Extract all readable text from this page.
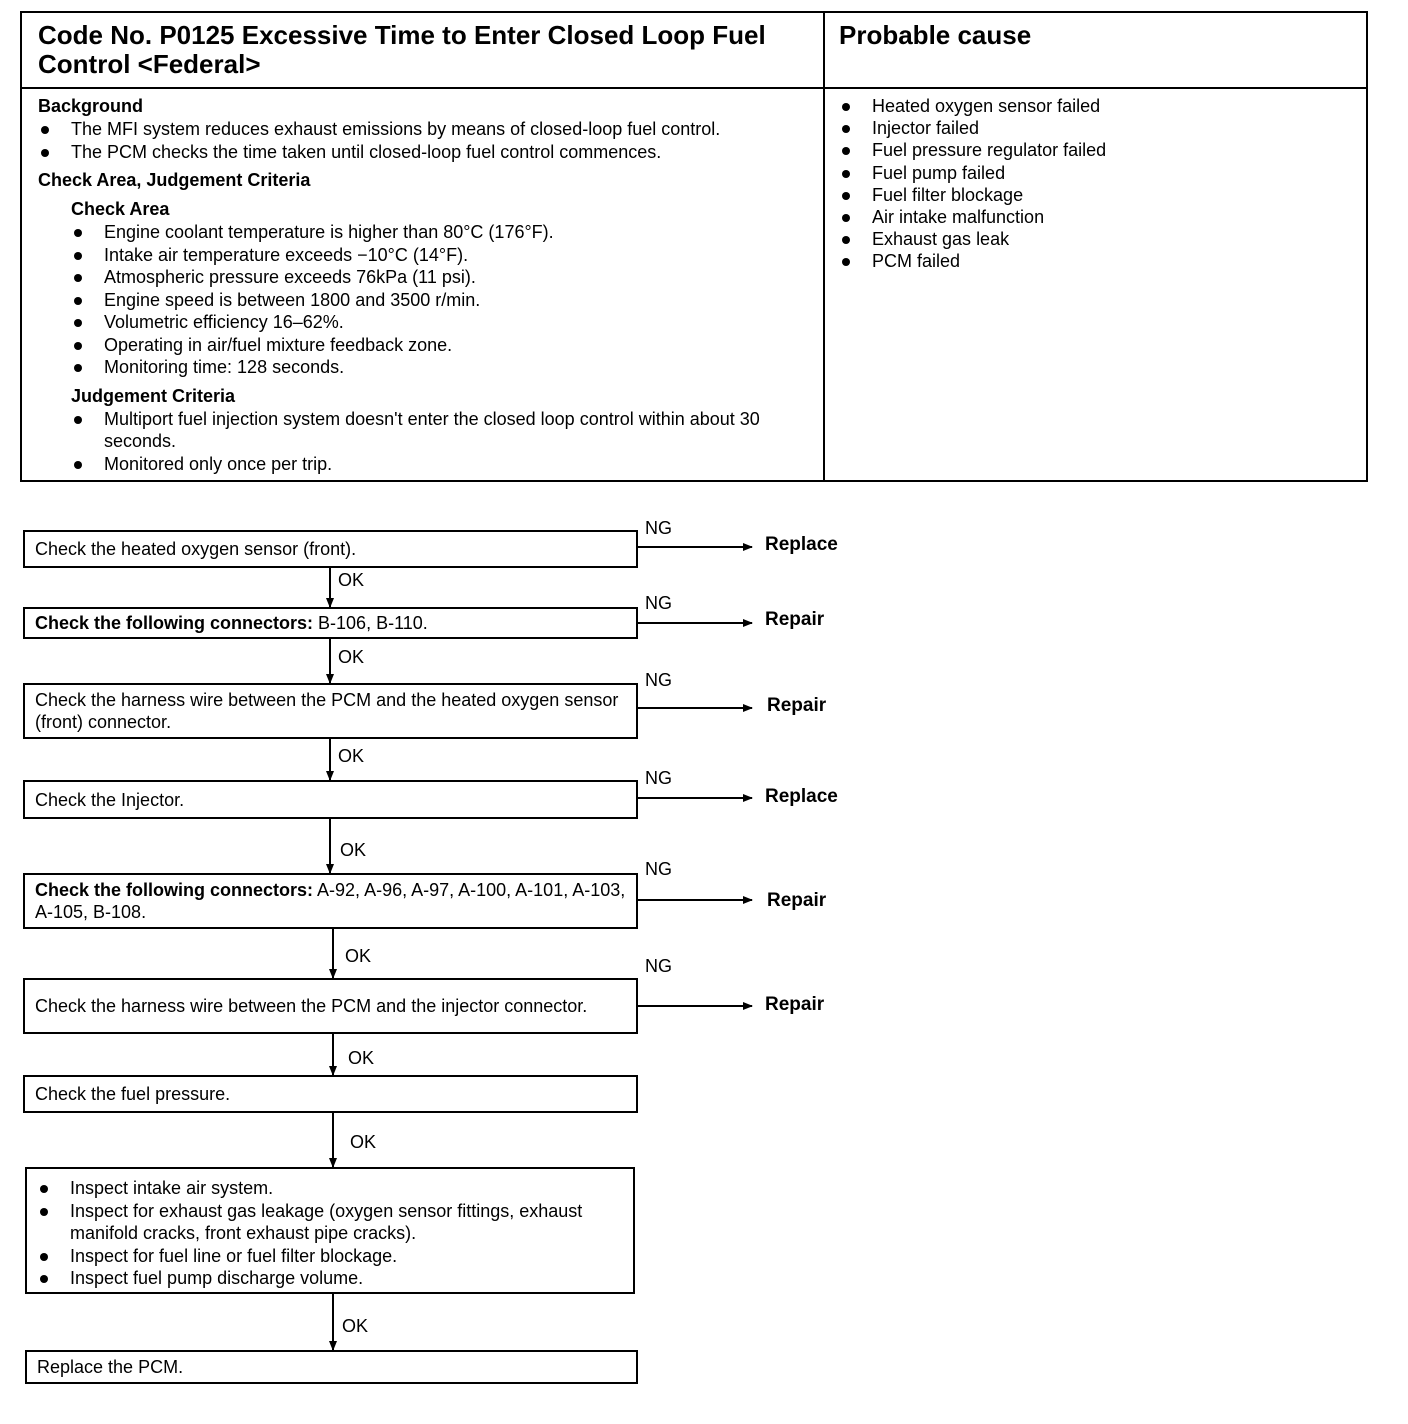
Code No. P0125 Excessive Time to Enter Closed Loop Fuel Control <Federal>
Probable cause
Background
The MFI system reduces exhaust emissions by means of closed-loop fuel control.
The PCM checks the time taken until closed-loop fuel control commences.
Check Area, Judgement Criteria
Check Area
Engine coolant temperature is higher than 80°C (176°F).
Intake air temperature exceeds −10°C (14°F).
Atmospheric pressure exceeds 76kPa (11 psi).
Engine speed is between 1800 and 3500 r/min.
Volumetric efficiency 16–62%.
Operating in air/fuel mixture feedback zone.
Monitoring time: 128 seconds.
Judgement Criteria
Multiport fuel injection system doesn't enter the closed loop control within about 30 seconds.
Monitored only once per trip.
Heated oxygen sensor failed
Injector failed
Fuel pressure regulator failed
Fuel pump failed
Fuel filter blockage
Air intake malfunction
Exhaust gas leak
PCM failed
Check the heated oxygen sensor (front).
NG
Replace
OK
Check the following connectors: B-106, B-110.
NG
Repair
OK
Check the harness wire between the PCM and the heated oxygen sensor (front) connector.
NG
Repair
OK
Check the Injector.
NG
Replace
OK
Check the following connectors: A-92, A-96, A-97, A-100, A-101, A-103, A-105, B-108.
NG
Repair
OK
Check the harness wire between the PCM and the injector connector.
NG
Repair
OK
Check the fuel pressure.
OK
Inspect intake air system.
Inspect for exhaust gas leakage (oxygen sensor fittings, exhaust manifold cracks, front exhaust pipe cracks).
Inspect for fuel line or fuel filter blockage.
Inspect fuel pump discharge volume.
OK
Replace the PCM.
